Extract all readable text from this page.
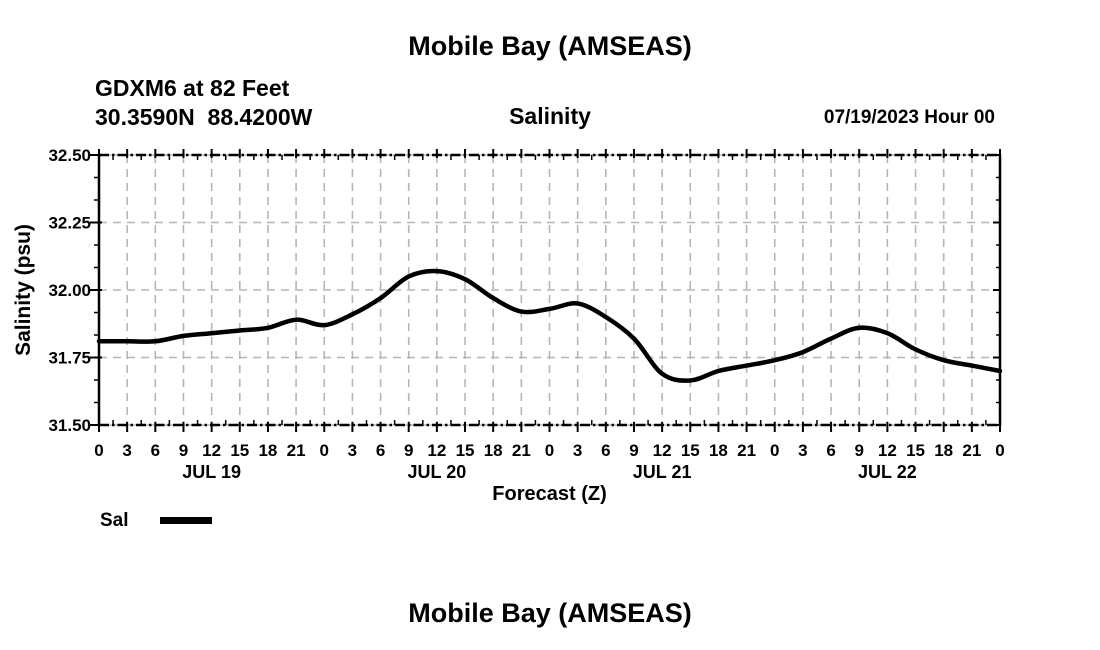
Mobile Bay (AMSEAS)
GDXM6 at 82 Feet
30.3590N  88.4200W	Salinity	07/19/2023 Hour 00
0 3 6 9 12 15 18 21 0 3 6 9 12 15 18 21 0 3 6 9 12 15 18 21 0 3 6 9 12 15 18 21 0
JUL 19	JUL 20	JUL 21	JUL 22
31.50
31.75
32.00
32.25
32.50
Forecast (Z)
Salinity (psu)
Sal
Mobile Bay (AMSEAS)
